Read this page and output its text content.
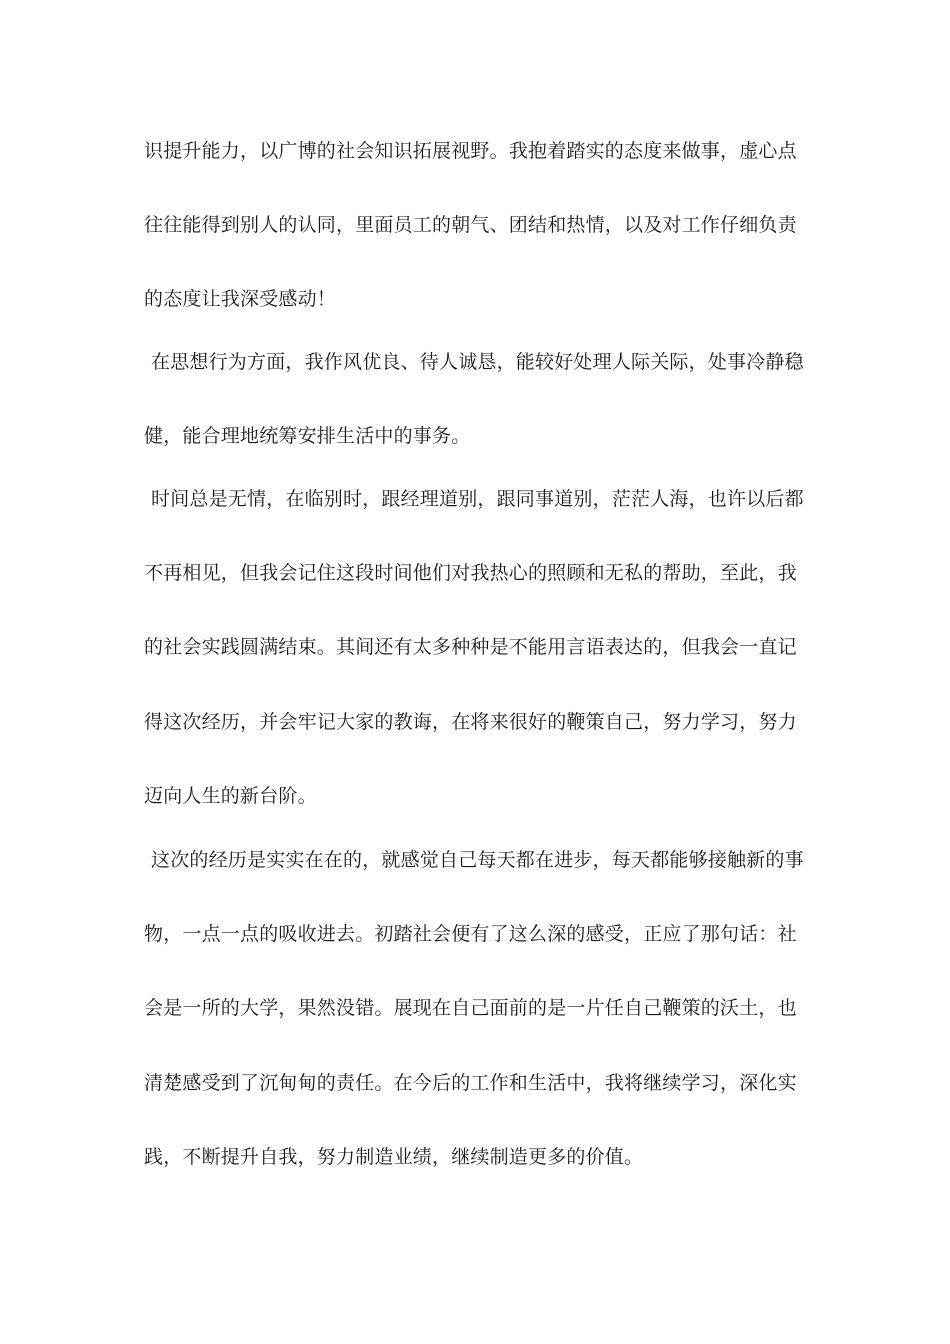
识提升能力，以广博的社会知识拓展视野。我抱着踏实的态度来做事，虚心点
往往能得到别人的认同，里面员工的朝气、团结和热情，以及对工作仔细负责
的态度让我深受感动！
在思想行为方面，我作风优良、待人诚恳，能较好处理人际关际，处事冷静稳
健，能合理地统筹安排生活中的事务。
时间总是无情，在临别时，跟经理道别，跟同事道别，茫茫人海，也许以后都
不再相见，但我会记住这段时间他们对我热心的照顾和无私的帮助，至此，我
的社会实践圆满结束。其间还有太多种种是不能用言语表达的，但我会一直记
得这次经历，并会牢记大家的教诲，在将来很好的鞭策自己，努力学习，努力
迈向人生的新台阶。
这次的经历是实实在在的，就感觉自己每天都在进步，每天都能够接触新的事
物，一点一点的吸收进去。初踏社会便有了这么深的感受，正应了那句话：社
会是一所的大学，果然没错。展现在自己面前的是一片任自己鞭策的沃土，也
清楚感受到了沉甸甸的责任。在今后的工作和生活中，我将继续学习，深化实
践，不断提升自我，努力制造业绩，继续制造更多的价值。
